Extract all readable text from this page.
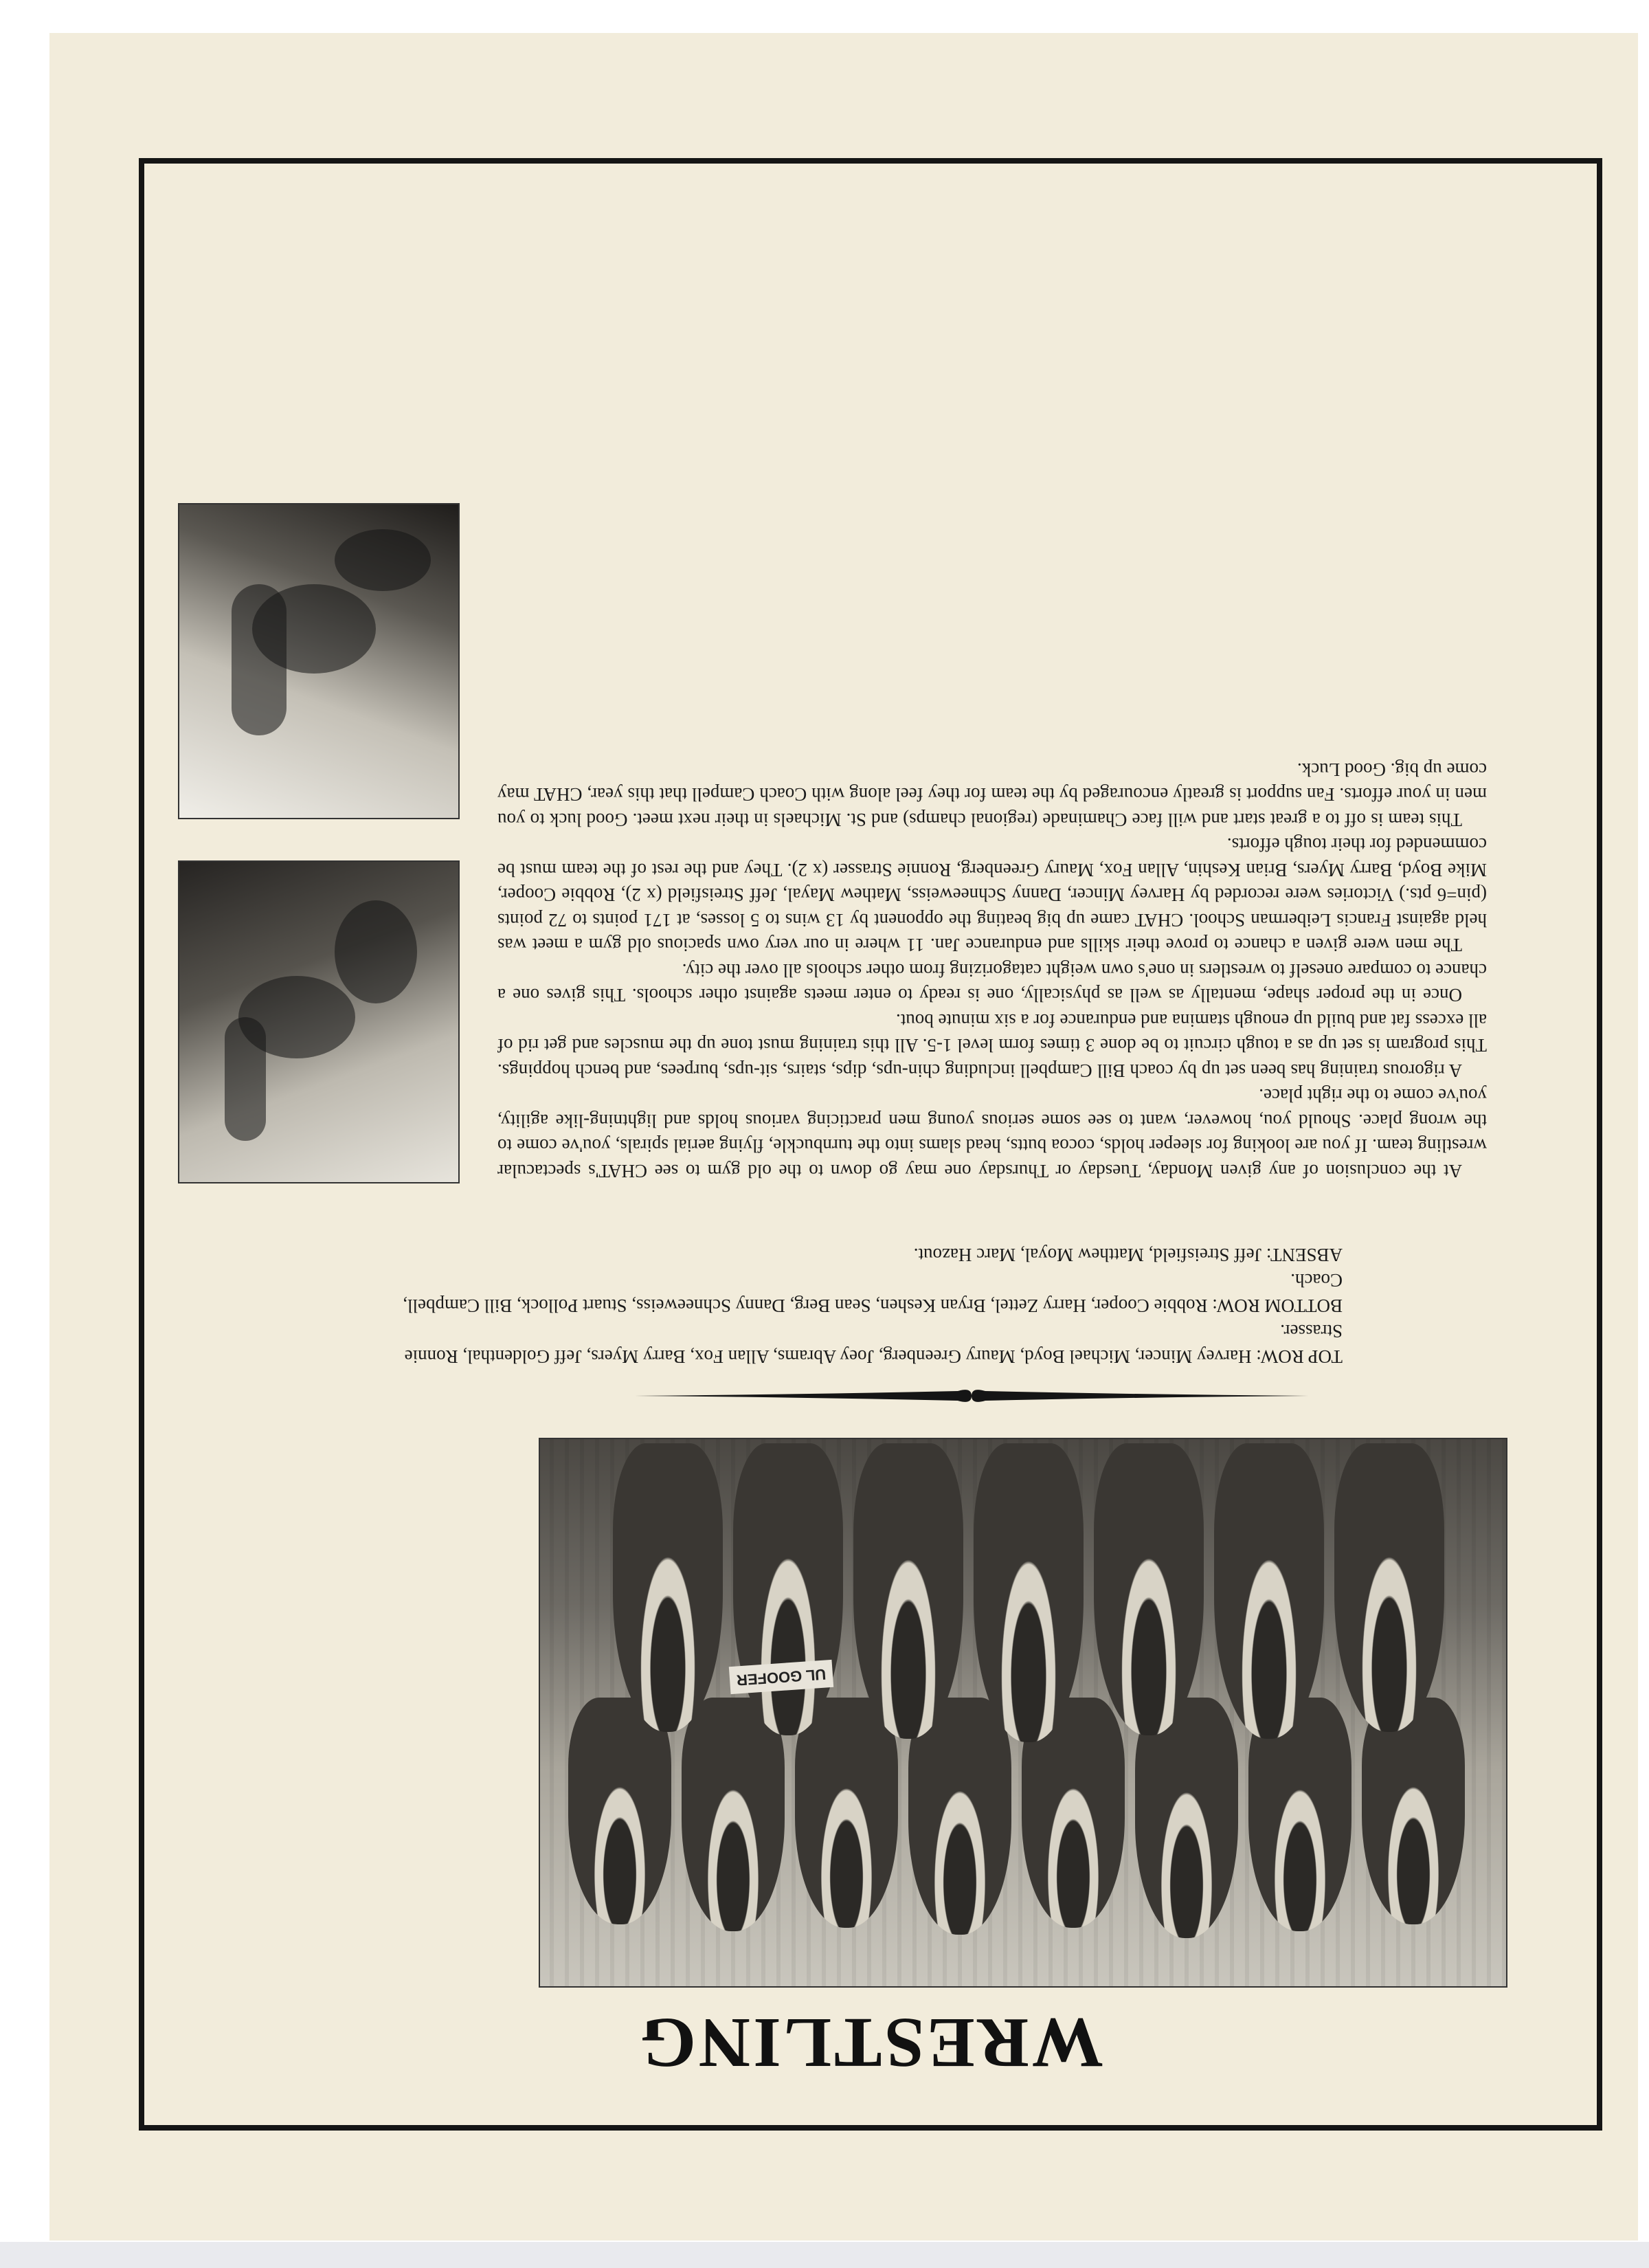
WRESTLING
UL GOOFER

TOP ROW: Harvey Mincer, Michael Boyd, Maury Greenberg, Joey Abrams, Allan Fox, Barry Myers, Jeff Goldenthal, Ronnie Strasser.

BOTTOM ROW: Robbie Cooper, Harry Zettel, Bryan Keshen, Sean Berg, Danny Schneeweiss, Stuart Pollock, Bill Campbell, Coach.

ABSENT: Jeff Streisfield, Matthew Moyal, Marc Hazout.

At the conclusion of any given Monday, Tuesday or Thursday one may go down to the old gym to see CHAT's spectacular wrestling team. If you are looking for sleeper holds, cocoa butts, head slams into the turnbuckle, flying aerial spirals, you've come to the wrong place. Should you, however, want to see some serious young men practicing various holds and lightning-like agility, you've come to the right place.

A rigorous training has been set up by coach Bill Campbell including chin-ups, dips, stairs, sit-ups, burpees, and bench hoppings. This program is set up as a tough circuit to be done 3 times form level 1-5. All this training must tone up the muscles and get rid of all excess fat and build up enough stamina and endurance for a six minute bout.

Once in the proper shape, mentally as well as physically, one is ready to enter meets against other schools. This gives one a chance to compare oneself to wrestlers in one's own weight catagorizing from other schools all over the city.

The men were given a chance to prove their skills and endurance Jan. 11 where in our very own spacious old gym a meet was held against Francis Leiberman School. CHAT came up big beating the opponent by 13 wins to 5 losses, at 171 points to 72 points (pin=6 pts.) Victories were recorded by Harvey Mincer, Danny Schneeweiss, Mathew Mayal, Jeff Streisfield (x 2), Robbie Cooper, Mike Boyd, Barry Myers, Brian Keshin, Allan Fox, Maury Greenberg, Ronnie Strasser (x 2). They and the rest of the team must be commended for their tough efforts.

This team is off to a great start and will face Chaminade (regional champs) and St. Michaels in their next meet. Good luck to you men in your efforts. Fan support is greatly encouraged by the team for they feel along with Coach Campell that this year, CHAT may come up big. Good Luck.
